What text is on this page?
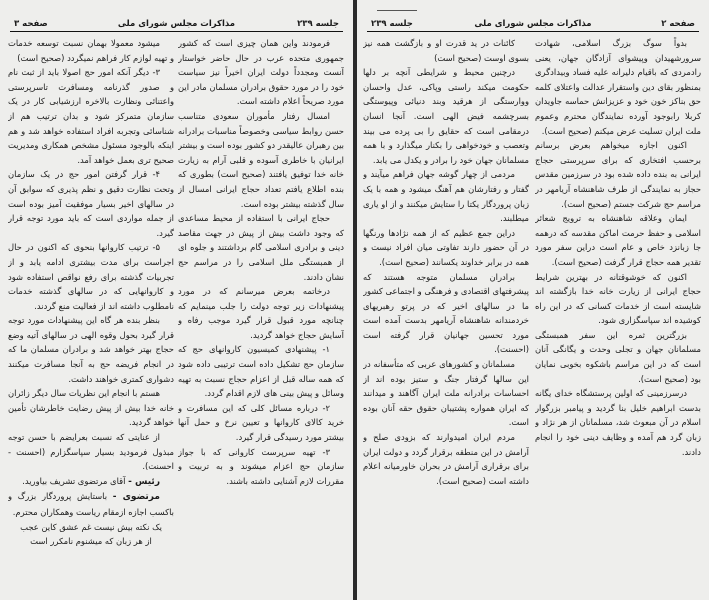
صفحه ۳	مذاکرات مجلس شورای ملی	جلسه ۲۳۹

فرمودند واین همان چیزی است که کشور جمهوری متحده عرب در حال حاضر خواستار آنست ومجدداً دولت ایران اخیراً نیز سیاست خود را در مورد حقوق برادران مسلمان مادر این مورد صریحاً اعلام داشته است.

امسال رفتار مأموران سعودی متناسب حسن روابط سیاسی وخصوصاً مناسبات برادرانه بین رهبران عالیقدر دو کشور بوده است و بیشتر ایرانیان با خاطری آسوده و قلبی آرام به زیارت خانه خدا توفیق یافتند (صحیح است) بطوری که بنده اطلاع یافتم تعداد حجاج ایرانی امسال از سال گذشته بیشتر بوده است.

حجاج ایرانی با استفاده از محیط مساعدی که وجود داشت بیش از پیش در جهت مقاصد دینی و برادری اسلامی گام برداشتند و جلوه ای از همبستگی ملل اسلامی را در مراسم حج نشان دادند.

درخاتمه بعرض میرسانم که در مورد پیشنهادات زیر توجه دولت را جلب مینمایم که چنانچه مورد قبول قرار گیرد موجب رفاه و آسایش حجاج خواهد گردید.

۱- پیشنهادی کمیسیون کاروانهای حج که سازمان حج تشکیل داده است ترتیبی داده شود که همه ساله قبل از اعزام حجاج نسبت به تهیه وسائل و پیش بینی های لازم اقدام گردد.

۲- درباره مسائل کلی که این مسافرت و خرید کالای کاروانها و تعیین نرخ و حمل آنها بیشتر مورد رسیدگی قرار گیرد.

۳- تهیه سرپرست کاروانی که با جواز سازمان حج اعزام میشوند و به تربیت و مقررات لازم آشنایی داشته باشند.

میشود معمولا بهمان نسبت توسعه خدمات و تهیه لوازم کار فراهم نمیگردد (صحیح است)

۳- دیگر آنکه امور حج اصولا باید از ثبت نام و صدور گذرنامه ومسافرت تاسرپرستی واعتنائی ونظارت بالاخره ارزشیابی کار در یک سازمان متمرکز شود و بدان ترتیب هم از شناسائی وتجربه افراد استفاده خواهد شد و هم اینکه بالوجود مسئول مشخص همکاری ومدیریت صحیح تری بعمل خواهد آمد.

۴- قرار گرفتن امور حج در یک سازمان وتحت نظارت دقیق و نظم پذیری که سوابق آن در سالهای اخیر بسیار موفقیت آمیز بوده است از جمله مواردی است که باید مورد توجه قرار گیرد.

۵- ترتیب کاروانها بنحوی که اکنون در حال اجراست برای مدت بیشتری ادامه یابد و از تجربیات گذشته برای رفع نواقص استفاده شود و کاروانهایی که در سالهای گذشته خدمات نامطلوب داشته اند از فعالیت منع گردند.

بنظر بنده هر گاه این پیشنهادات مورد توجه قرار گیرد بحول وقوه الهی در سالهای آتیه وضع حجاج بهتر خواهد شد و برادران مسلمان ما که در انجام فریضه حج به آنجا مسافرت میکنند دشواری کمتری خواهند داشت.

هستم با انجام این نظریات سال دیگر زائران خانه خدا بیش از پیش رضایت خاطرشان تأمین خواهد گردید.

از عنایتی که نسبت بعرایضم با حسن توجه مبذول فرمودید بسیار سپاسگزارم (احسنت - احسنت).

رئیس - آقای مرتضوی تشریف بیاورید.

مرتضوی - باستایش پروردگار بزرگ و باکسب اجازه ازمقام ریاست وهمکاران محترم.

یک نکته بیش نیست غم عشق کاین عجب

از هر زبان که میشنوم نامکرر است

جلسه ۲۳۹	مذاکرات مجلس شورای ملی	صفحه ۲

بدواً سوگ بزرگ اسلامی، شهادت سرورشهیدان وپیشوای آزادگان جهان، یعنی رادمردی که باقیام دلیرانه علیه فساد وبیدادگری بمنظور بقای دین واستقرار عدالت واعتلای کلمه حق بناکز خون خود و عزیزانش حماسه جاویدان کربلا رابوجود آورده نمایندگان محترم وعموم ملت ایران تسلیت عرض میکنم (صحیح است).

اکنون اجازه میخواهم بعرض برسانم برحسب افتخاری که برای سرپرستی حجاج ایرانی به بنده داده شده بود در سرزمین مقدس حجاز به نمایندگی از طرف شاهنشاه آریامهر در مراسم حج شرکت جستم (صحیح است).

ایمان وعلاقه شاهنشاه به ترویج شعائر اسلامی و حفظ حرمت اماکن مقدسه که درهمه جا زبانزد خاص و عام است دراین سفر مورد تقدیر همه حجاج قرار گرفت (صحیح است).

اکنون که خوشوقتانه در بهترین شرایط حجاج ایرانی از زیارت خانه خدا بازگشته اند شایسته است از خدمات کسانی که در این راه کوشیده اند سپاسگزاری شود.

بزرگترین ثمره این سفر همبستگی مسلمانان جهان و تجلی وحدت و یگانگی آنان است که در این مراسم باشکوه بخوبی نمایان بود (صحیح است).

درسرزمینی که اولین پرستشگاه خدای یگانه بدست ابراهیم خلیل بنا گردید و پیامبر بزرگوار اسلام در آن مبعوث شد، مسلمانان از هر نژاد و زبان گرد هم آمده و وظایف دینی خود را انجام دادند.

کائنات در ید قدرت او و بازگشت همه نیز بسوی اوست (صحیح است)

درچنین محیط و شرایطی آنچه بر دلها حکومت میکند راستی وپاکی، عدل واحسان ووارستگی از هرقید وبند دنیائی وپیوستگی بسرچشمه فیض الهی است. آنجا انسان درمقامی است که حقایق را بی پرده می بیند وتعصب و خودخواهی را بکنار میگذارد و با همه مسلمانان جهان خود را برادر و یکدل می یابد.

مردمی از چهار گوشه جهان فراهم میآیند و گفتار و رفتارشان هم آهنگ میشود و همه با یک زبان پروردگار یکتا را ستایش میکنند و از او یاری میطلبند.

دراین جمع عظیم که از همه نژادها ورنگها در آن حضور دارند تفاوتی میان افراد نیست و همه در برابر خداوند یکسانند (صحیح است).

برادران مسلمان متوجه هستند که پیشرفتهای اقتصادی و فرهنگی و اجتماعی کشور ما در سالهای اخیر که در پرتو رهبریهای خردمندانه شاهنشاه آریامهر بدست آمده است مورد تحسین جهانیان قرار گرفته است (احسنت).

مسلمانان و کشورهای عربی که متأسفانه در این سالها گرفتار جنگ و ستیز بوده اند از احساسات برادرانه ملت ایران آگاهند و میدانند که ایران همواره پشتیبان حقوق حقه آنان بوده است.

مردم ایران امیدوارند که بزودی صلح و آرامش در این منطقه برقرار گردد و دولت ایران برای برقراری آرامش در بحران خاورمیانه اعلام داشته است (صحیح است).
